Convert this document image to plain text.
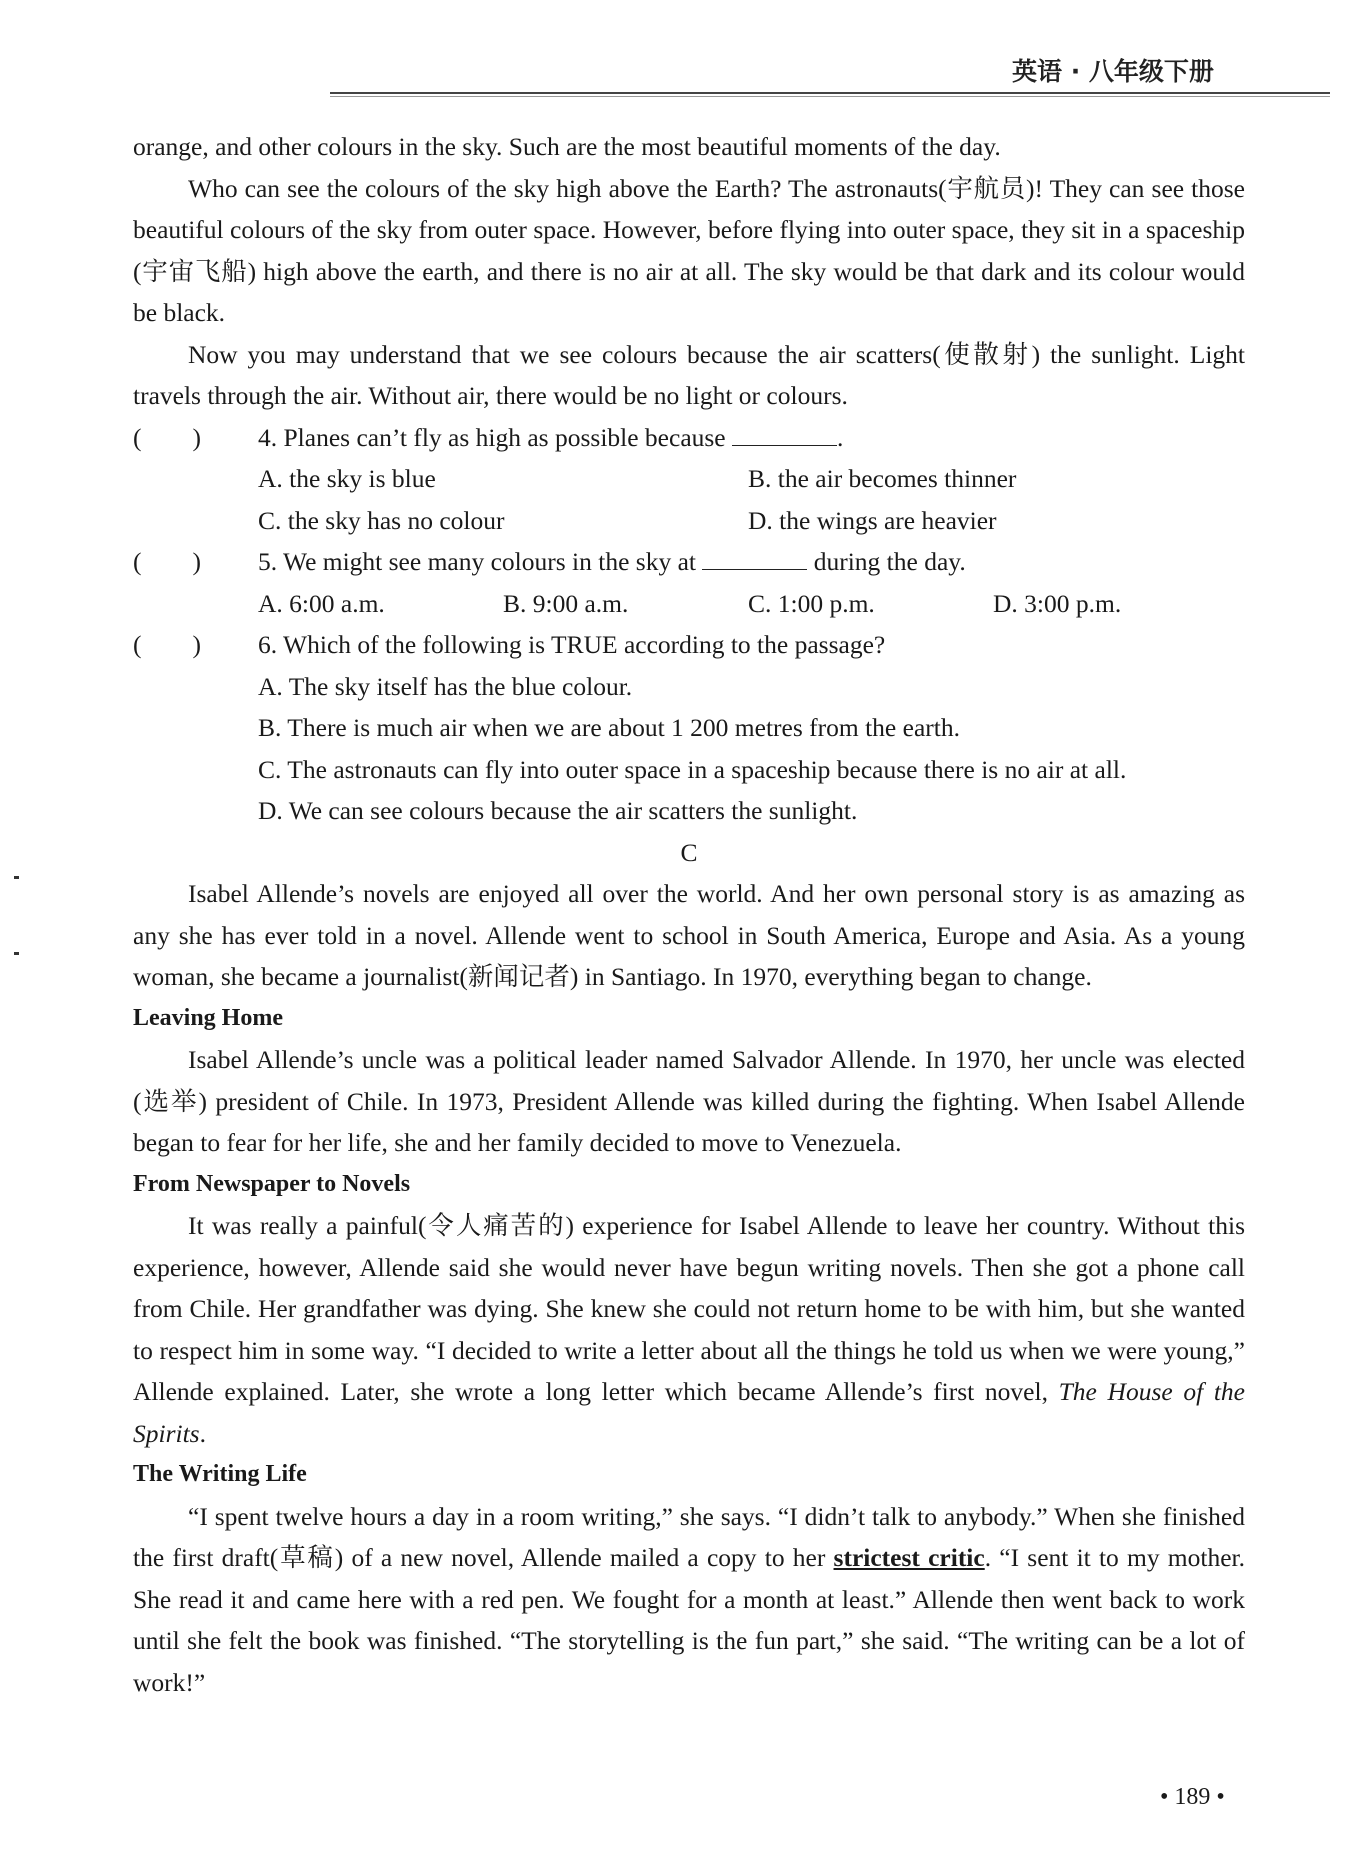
英语 · 八年级下册

orange, and other colours in the sky. Such are the most beautiful moments of the day.

Who can see the colours of the sky high above the Earth? The astronauts(宇航员)! They can see those beautiful colours of the sky from outer space. However, before flying into outer space, they sit in a spaceship (宇宙飞船) high above the earth, and there is no air at all. The sky would be that dark and its colour would be black.

Now you may understand that we see colours because the air scatters(使散射) the sunlight. Light travels through the air. Without air, there would be no light or colours.

(        )	4. Planes can’t fly as high as possible because	.
A. the sky is blue	B. the air becomes thinner
C. the sky has no colour	D. the wings are heavier
(        )	5. We might see many colours in the sky at	during the day.
A. 6:00 a.m.	B. 9:00 a.m.	C. 1:00 p.m.	D. 3:00 p.m.
(        )	6. Which of the following is TRUE according to the passage?
A. The sky itself has the blue colour.
B. There is much air when we are about 1 200 metres from the earth.
C. The astronauts can fly into outer space in a spaceship because there is no air at all.
D. We can see colours because the air scatters the sunlight.
C

Isabel Allende’s novels are enjoyed all over the world. And her own personal story is as amazing as any she has ever told in a novel. Allende went to school in South America, Europe and Asia. As a young woman, she became a journalist(新闻记者) in Santiago. In 1970, everything began to change.

Leaving Home

Isabel Allende’s uncle was a political leader named Salvador Allende. In 1970, her uncle was elected (选举) president of Chile. In 1973, President Allende was killed during the fighting. When Isabel Allende began to fear for her life, she and her family decided to move to Venezuela.

From Newspaper to Novels

It was really a painful(令人痛苦的) experience for Isabel Allende to leave her country. Without this experience, however, Allende said she would never have begun writing novels. Then she got a phone call from Chile. Her grandfather was dying. She knew she could not return home to be with him, but she wanted to respect him in some way. “I decided to write a letter about all the things he told us when we were young,” Allende explained. Later, she wrote a long letter which became Allende’s first novel, The House of the Spirits.

The Writing Life

“I spent twelve hours a day in a room writing,” she says. “I didn’t talk to anybody.” When she finished the first draft(草稿) of a new novel, Allende mailed a copy to her strictest critic. “I sent it to my mother. She read it and came here with a red pen. We fought for a month at least.” Allende then went back to work until she felt the book was finished. “The storytelling is the fun part,” she said. “The writing can be a lot of work!”

• 189 •
